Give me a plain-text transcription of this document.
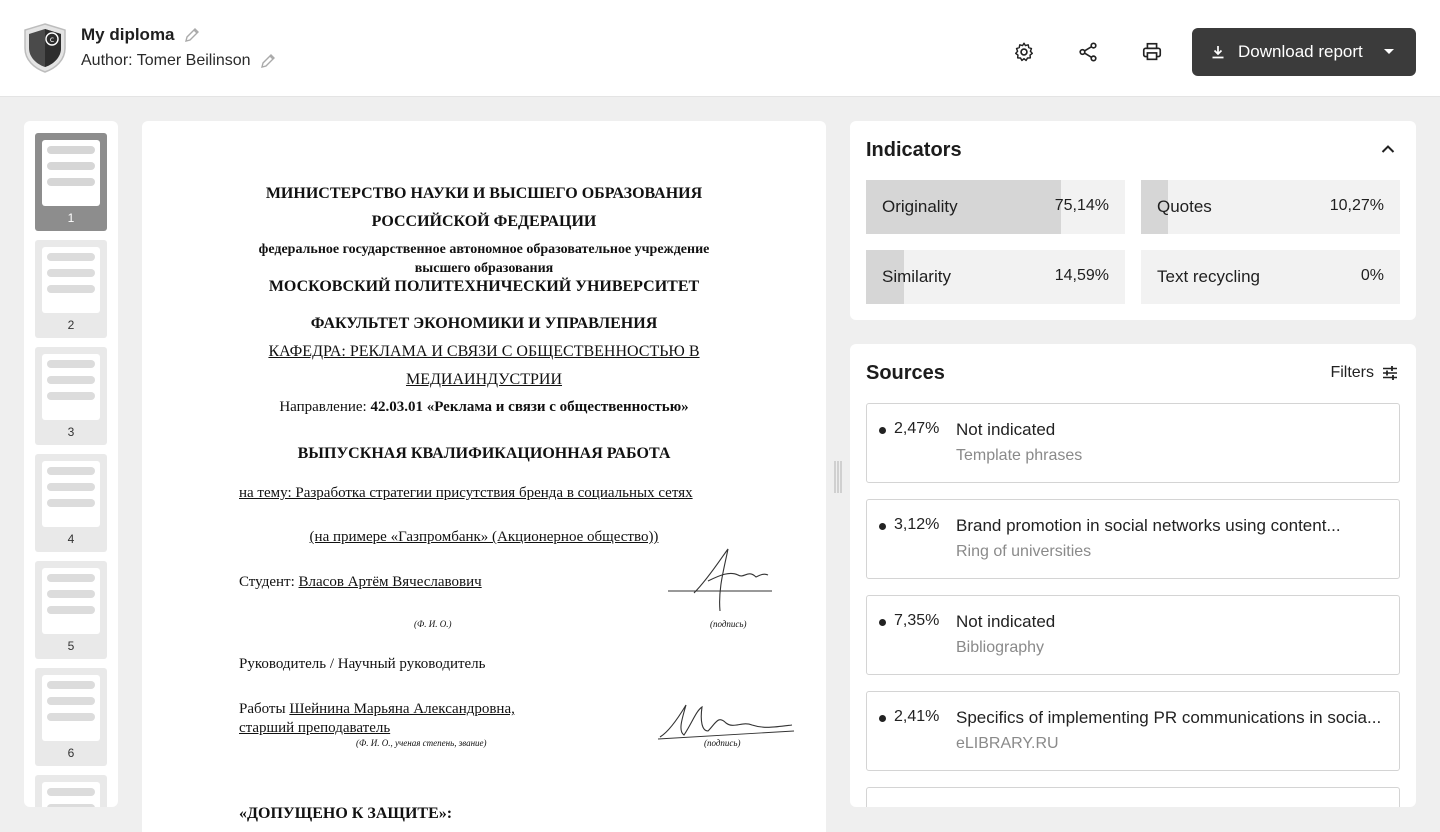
c My diploma
Author: Tomer Beilinson	Download report
1
2
3
4
5
6
МИНИСТЕРСТВО НАУКИ И ВЫСШЕГО ОБРАЗОВАНИЯ
РОССИЙСКОЙ ФЕДЕРАЦИИ
федеральное государственное автономное образовательное учреждение
высшего образования
МОСКОВСКИЙ ПОЛИТЕХНИЧЕСКИЙ УНИВЕРСИТЕТ
ФАКУЛЬТЕТ ЭКОНОМИКИ И УПРАВЛЕНИЯ
КАФЕДРА: РЕКЛАМА И СВЯЗИ С ОБЩЕСТВЕННОСТЬЮ В
МЕДИАИНДУСТРИИ
Направление: 42.03.01 «Реклама и связи с общественностью»
ВЫПУСКНАЯ КВАЛИФИКАЦИОННАЯ РАБОТА
на тему: Разработка стратегии присутствия бренда в социальных сетях
(на примере «Газпромбанк» (Акционерное общество))
Студент: Власов Артём Вячеславович
(Ф. И. О.)	(подпись)
Руководитель / Научный руководитель
Работы Шейнина Марьяна Александровна,
старший преподаватель
(Ф. И. О., ученая степень, звание)	(подпись)
«ДОПУЩЕНО К ЗАЩИТЕ»:
Indicators
Originality	75,14%	Quotes	10,27%
Similarity	14,59%	Text recycling	0%
Sources	Filters
2,47% Not indicated
Template phrases
3,12% Brand promotion in social networks using content...
Ring of universities
7,35% Not indicated
Bibliography
2,41% Specifics of implementing PR communications in socia...
eLIBRARY.RU
